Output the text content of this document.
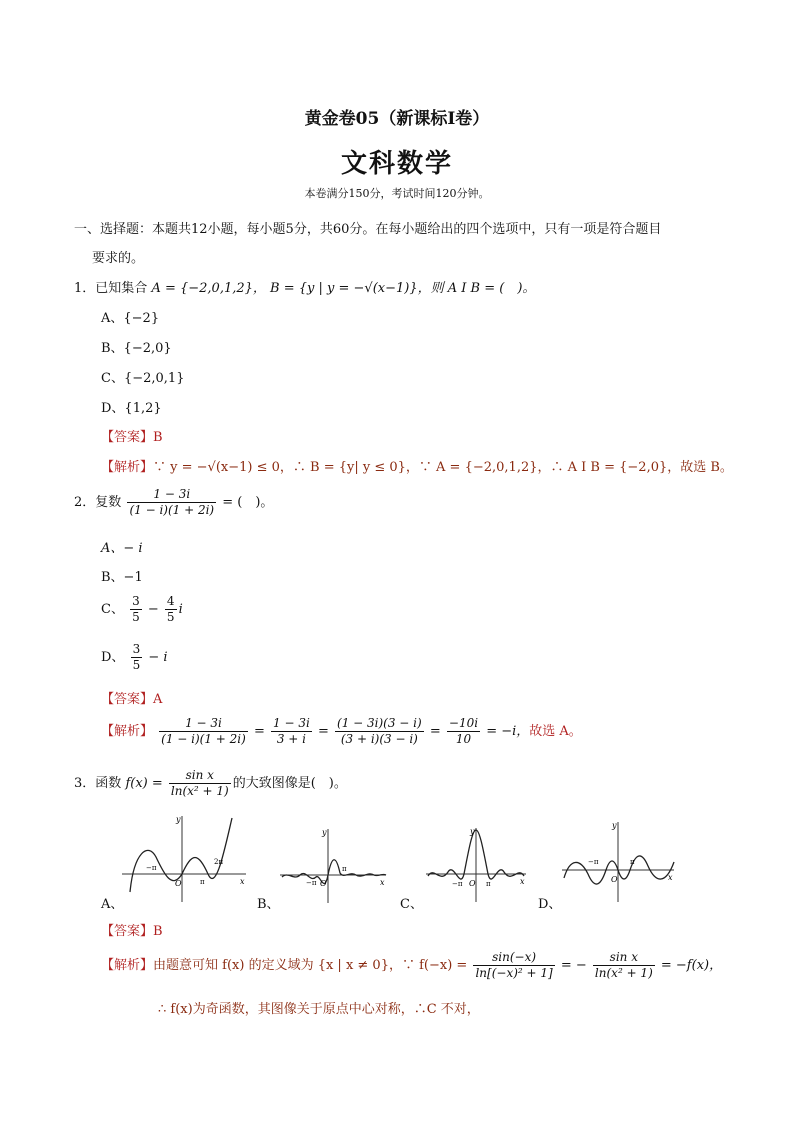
黄金卷05（新课标Ⅰ卷）
文科数学
本卷满分150分，考试时间120分钟。
一、选择题：本题共12小题，每小题5分，共60分。在每小题给出的四个选项中，只有一项是符合题目
要求的。
1．已知集合 A = {−2,0,1,2}， B = {y | y = −√(x−1)}，则 A I B = (　)。
A、{−2}
B、{−2,0}
C、{−2,0,1}
D、{1,2}
【答案】B
【解析】∵ y = −√(x−1) ≤ 0，∴ B = {y| y ≤ 0}，∵ A = {−2,0,1,2}，∴ A I B = {−2,0}，故选 B。
2．复数 $\frac{1 - 3i}{(1 - i)(1 + 2i)}$ = (　)。
A、− i
B、−1
C、 $\frac{3}{5} - \frac{4}{5}$ i
D、 $\frac{3}{5} - i$
【答案】A
【解析】 $\frac{1 - 3i}{(1 - i)(1 + 2i)} = \frac{1 - 3i}{3 + i} = \frac{(1 - 3i)(3 - i)}{(3 + i)(3 - i)} = \frac{-10i}{10} = -i$，故选 A。
3．函数 $f(x) = \frac{\text{sin x}}{\text{ln(x² + 1)}}$ 的大致图像是(　)。
y
x
O
−π
π
2π
y
x
O
−π
π
y
x
O
−π	π
y
x
O
−π	π
A、	B、	C、	D、
【答案】B
【解析】由题意可知 f(x) 的定义域为 {x | x ≠ 0}，∵ $f(-x) = \frac{\sin(-x)}{\text{ln[(−x)² + 1]}}$ = − $\frac{\text{sin x}}{\text{ln(x² + 1)}} = -f(x)$，
∴ f(x)为奇函数，其图像关于原点中心对称，∴C 不对，
